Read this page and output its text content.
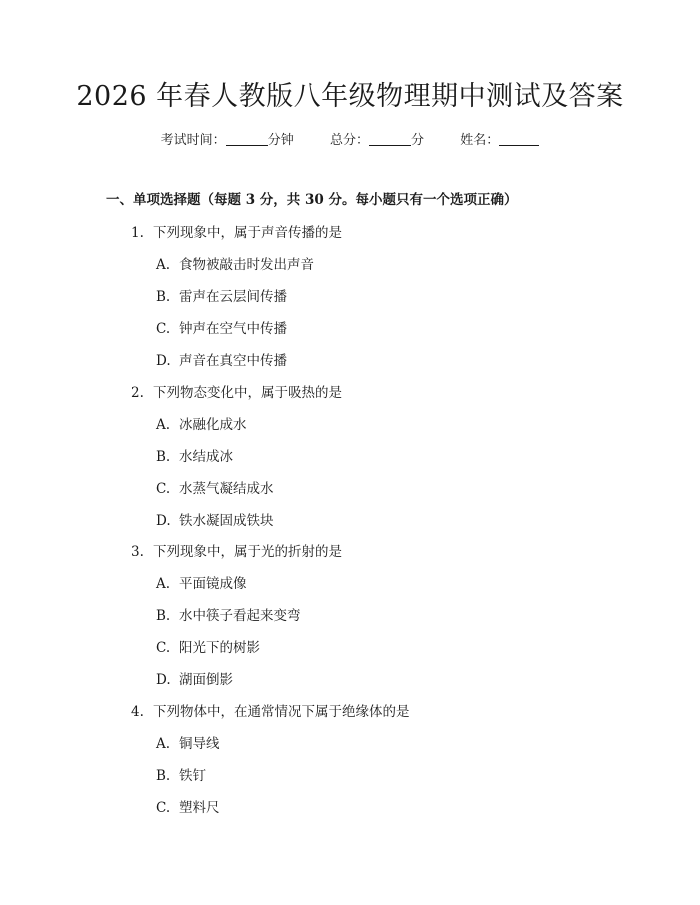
2026 年春人教版八年级物理期中测试及答案
考试时间：	分钟	总分：	分	姓名：
一、单项选择题（每题 3 分，共 30 分。每小题只有一个选项正确）
1. 下列现象中，属于声音传播的是
A. 食物被敲击时发出声音
B. 雷声在云层间传播
C. 钟声在空气中传播
D. 声音在真空中传播
2. 下列物态变化中，属于吸热的是
A. 冰融化成水
B. 水结成冰
C. 水蒸气凝结成水
D. 铁水凝固成铁块
3. 下列现象中，属于光的折射的是
A. 平面镜成像
B. 水中筷子看起来变弯
C. 阳光下的树影
D. 湖面倒影
4. 下列物体中，在通常情况下属于绝缘体的是
A. 铜导线
B. 铁钉
C. 塑料尺
